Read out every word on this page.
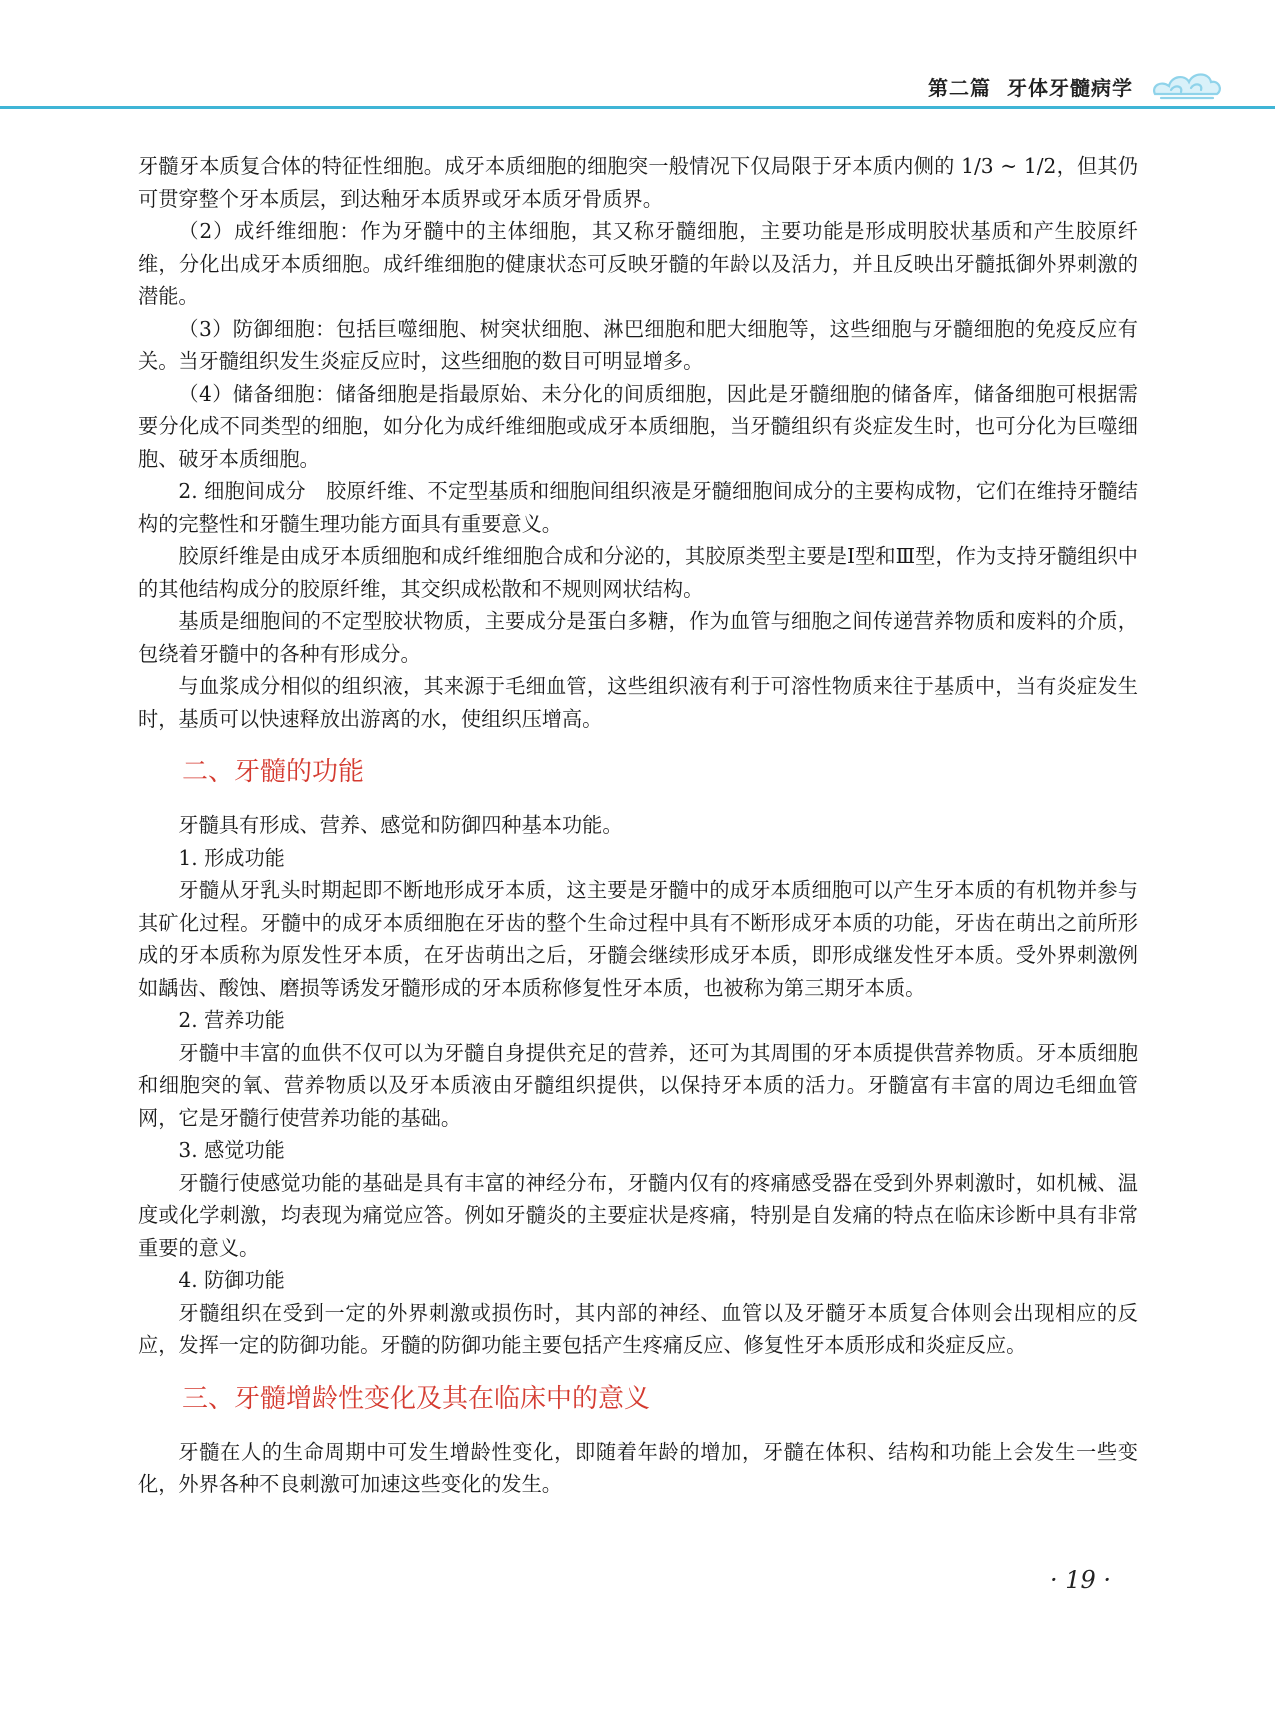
第二篇 牙体牙髓病学

牙髓牙本质复合体的特征性细胞。成牙本质细胞的细胞突一般情况下仅局限于牙本质内侧的 1/3 ~ 1/2，但其仍可贯穿整个牙本质层，到达釉牙本质界或牙本质牙骨质界。

（2）成纤维细胞：作为牙髓中的主体细胞，其又称牙髓细胞，主要功能是形成明胶状基质和产生胶原纤维，分化出成牙本质细胞。成纤维细胞的健康状态可反映牙髓的年龄以及活力，并且反映出牙髓抵御外界刺激的潜能。

（3）防御细胞：包括巨噬细胞、树突状细胞、淋巴细胞和肥大细胞等，这些细胞与牙髓细胞的免疫反应有关。当牙髓组织发生炎症反应时，这些细胞的数目可明显增多。

（4）储备细胞：储备细胞是指最原始、未分化的间质细胞，因此是牙髓细胞的储备库，储备细胞可根据需要分化成不同类型的细胞，如分化为成纤维细胞或成牙本质细胞，当牙髓组织有炎症发生时，也可分化为巨噬细胞、破牙本质细胞。

2. 细胞间成分　胶原纤维、不定型基质和细胞间组织液是牙髓细胞间成分的主要构成物，它们在维持牙髓结构的完整性和牙髓生理功能方面具有重要意义。

胶原纤维是由成牙本质细胞和成纤维细胞合成和分泌的，其胶原类型主要是Ⅰ型和Ⅲ型，作为支持牙髓组织中的其他结构成分的胶原纤维，其交织成松散和不规则网状结构。

基质是细胞间的不定型胶状物质，主要成分是蛋白多糖，作为血管与细胞之间传递营养物质和废料的介质，包绕着牙髓中的各种有形成分。

与血浆成分相似的组织液，其来源于毛细血管，这些组织液有利于可溶性物质来往于基质中，当有炎症发生时，基质可以快速释放出游离的水，使组织压增高。

二、牙髓的功能

牙髓具有形成、营养、感觉和防御四种基本功能。

1. 形成功能

牙髓从牙乳头时期起即不断地形成牙本质，这主要是牙髓中的成牙本质细胞可以产生牙本质的有机物并参与其矿化过程。牙髓中的成牙本质细胞在牙齿的整个生命过程中具有不断形成牙本质的功能，牙齿在萌出之前所形成的牙本质称为原发性牙本质，在牙齿萌出之后，牙髓会继续形成牙本质，即形成继发性牙本质。受外界刺激例如龋齿、酸蚀、磨损等诱发牙髓形成的牙本质称修复性牙本质，也被称为第三期牙本质。

2. 营养功能

牙髓中丰富的血供不仅可以为牙髓自身提供充足的营养，还可为其周围的牙本质提供营养物质。牙本质细胞和细胞突的氧、营养物质以及牙本质液由牙髓组织提供，以保持牙本质的活力。牙髓富有丰富的周边毛细血管网，它是牙髓行使营养功能的基础。

3. 感觉功能

牙髓行使感觉功能的基础是具有丰富的神经分布，牙髓内仅有的疼痛感受器在受到外界刺激时，如机械、温度或化学刺激，均表现为痛觉应答。例如牙髓炎的主要症状是疼痛，特别是自发痛的特点在临床诊断中具有非常重要的意义。

4. 防御功能

牙髓组织在受到一定的外界刺激或损伤时，其内部的神经、血管以及牙髓牙本质复合体则会出现相应的反应，发挥一定的防御功能。牙髓的防御功能主要包括产生疼痛反应、修复性牙本质形成和炎症反应。

三、牙髓增龄性变化及其在临床中的意义

牙髓在人的生命周期中可发生增龄性变化，即随着年龄的增加，牙髓在体积、结构和功能上会发生一些变化，外界各种不良刺激可加速这些变化的发生。

· 19 ·
